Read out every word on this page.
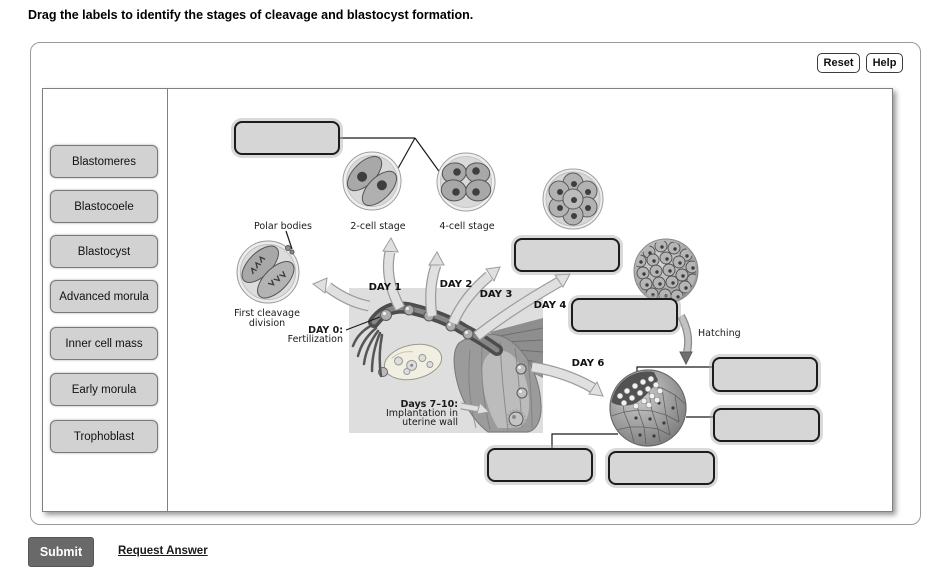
Drag the labels to identify the stages of cleavage and blastocyst formation.
Reset	Help
Blastomeres
Blastocoele
Blastocyst
Advanced morula
Inner cell mass
Early morula
Trophoblast
Polar bodies	2-cell stage	4-cell stage
First cleavage
division
DAY 0:
Fertilization
DAY 1	DAY 2
DAY 3
DAY 4
DAY 6
Days 7–10:
Implantation in
uterine wall
Hatching
Submit	Request Answer
